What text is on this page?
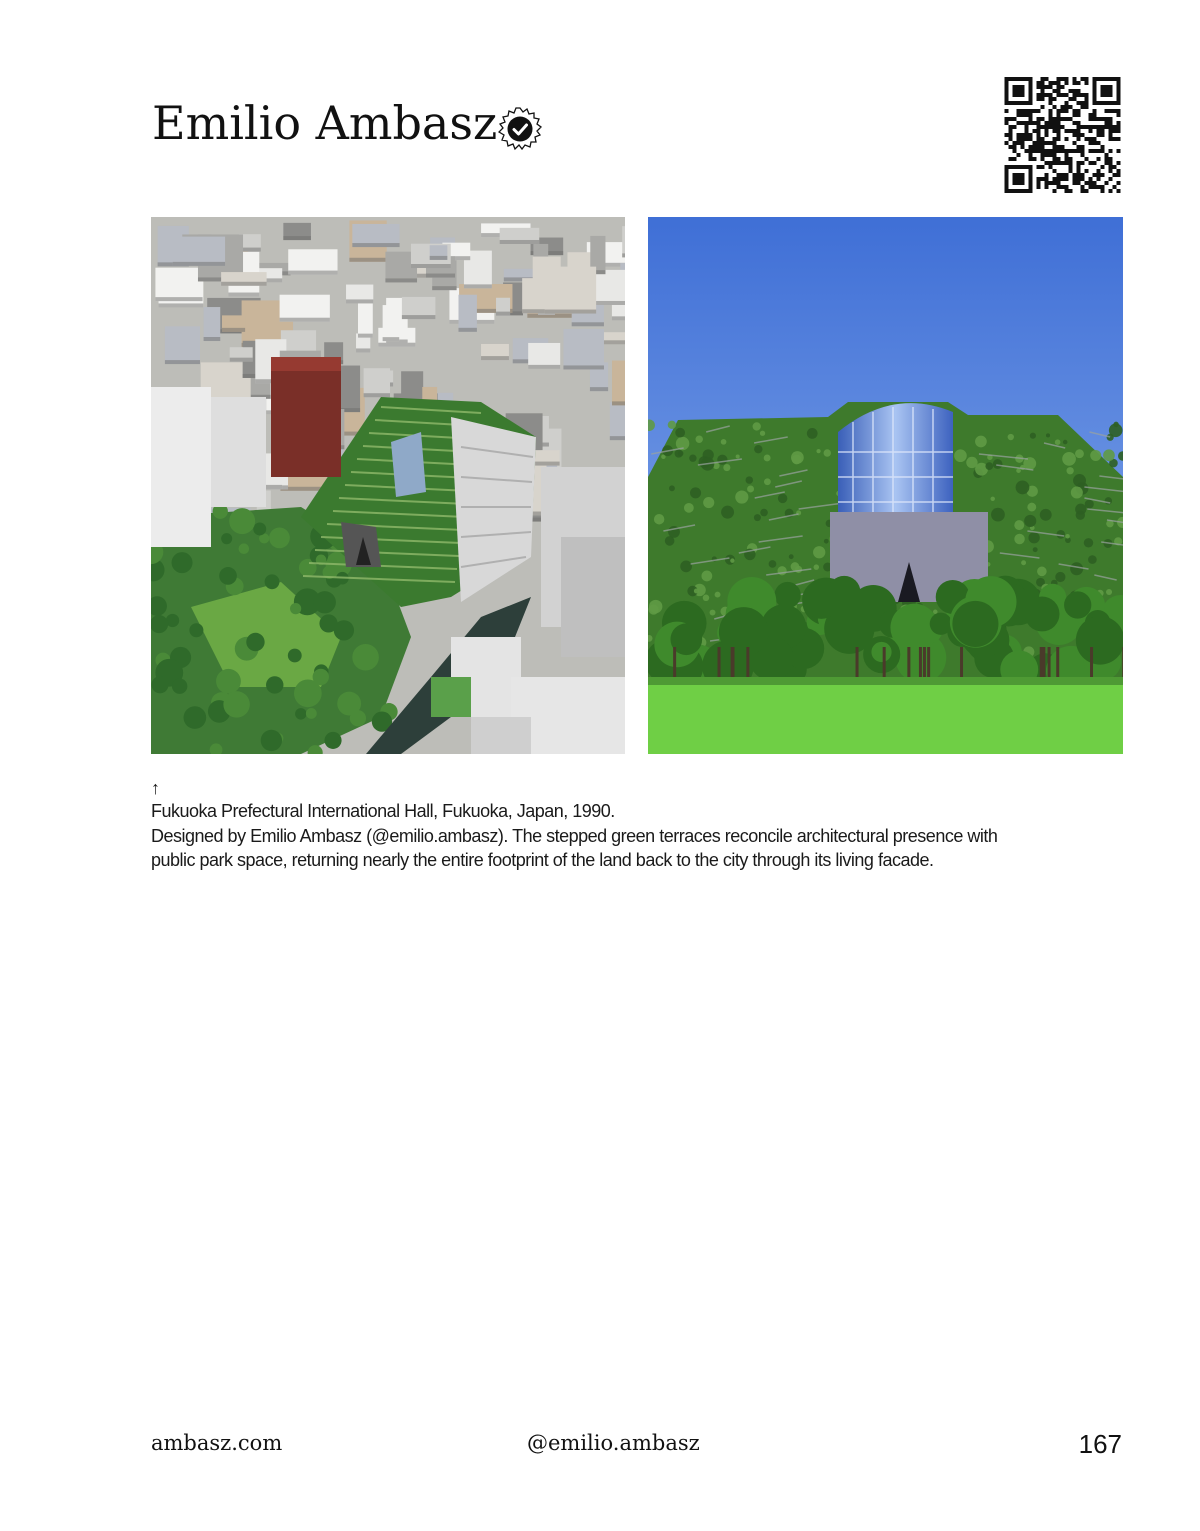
Emilio Ambasz
↑
Fukuoka Prefectural International Hall, Fukuoka, Japan, 1990.
Designed by Emilio Ambasz (@emilio.ambasz). The stepped green terraces reconcile architectural presence with
public park space, returning nearly the entire footprint of the land back to the city through its living facade.
ambasz.com	@emilio.ambasz	167
